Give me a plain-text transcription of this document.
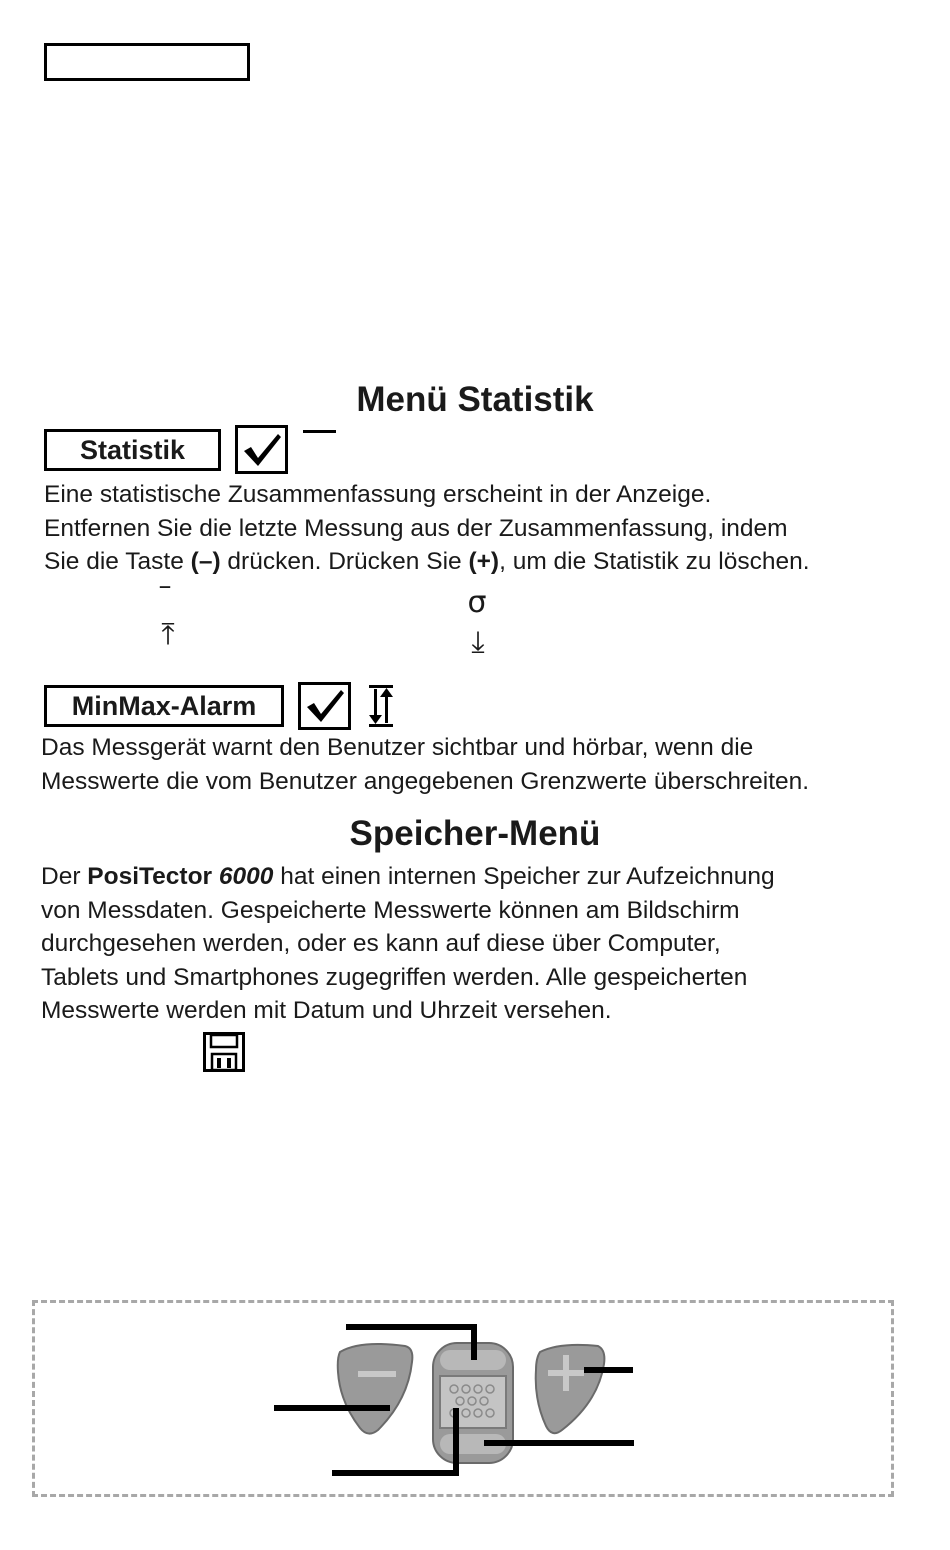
Menü Statistik
Statistik

Eine statistische Zusammenfassung erscheint in der Anzeige.

Entfernen Sie die letzte Messung aus der Zusammenfassung, indem

Sie die Taste (–) drücken. Drücken Sie (+), um die Statistik zu löschen.

–
⤒
σ
⤓
MinMax-Alarm

Das Messgerät warnt den Benutzer sichtbar und hörbar, wenn die

Messwerte die vom Benutzer angegebenen Grenzwerte überschreiten.

Speicher-Menü

Der PosiTector 6000 hat einen internen Speicher zur Aufzeichnung

von Messdaten. Gespeicherte Messwerte können am Bildschirm

durchgesehen werden, oder es kann auf diese über Computer,

Tablets und Smartphones zugegriffen werden. Alle gespeicherten

Messwerte werden mit Datum und Uhrzeit versehen.
